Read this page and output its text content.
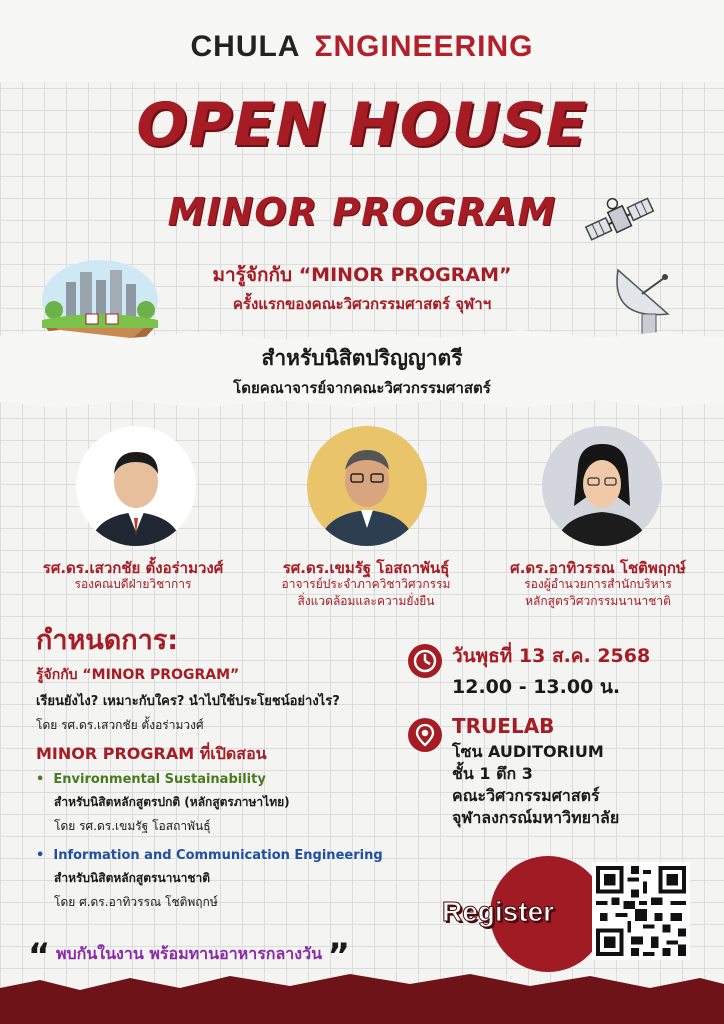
CHULA ΣNGINEERING
OPEN HOUSE
MINOR PROGRAM
มารู้จักกับ “MINOR PROGRAM”
ครั้งแรกของคณะวิศวกรรมศาสตร์ จุฬาฯ
สำหรับนิสิตปริญญาตรี
โดยคณาจารย์จากคณะวิศวกรรมศาสตร์
รศ.ดร.เสวกชัย ตั้งอร่ามวงศ์
รองคณบดีฝ่ายวิชาการ
รศ.ดร.เขมรัฐ โอสถาพันธุ์
อาจารย์ประจำภาควิชาวิศวกรรม
สิ่งแวดล้อมและความยั่งยืน
ศ.ดร.อาทิวรรณ โชติพฤกษ์
รองผู้อำนวยการสำนักบริหาร
หลักสูตรวิศวกรรมนานาชาติ
กำหนดการ:
รู้จักกับ “MINOR PROGRAM”
เรียนยังไง? เหมาะกับใคร? นำไปใช้ประโยชน์อย่างไร?
โดย รศ.ดร.เสวกชัย ตั้งอร่ามวงศ์
MINOR PROGRAM ที่เปิดสอน
•  Environmental Sustainability
สำหรับนิสิตหลักสูตรปกติ (หลักสูตรภาษาไทย)
โดย รศ.ดร.เขมรัฐ โอสถาพันธุ์
•  Information and Communication Engineering
สำหรับนิสิตหลักสูตรนานาชาติ
โดย ศ.ดร.อาทิวรรณ โชติพฤกษ์
วันพุธที่ 13 ส.ค. 2568
12.00 - 13.00 น.
TRUELAB
โซน AUDITORIUM
ชั้น 1 ตึก 3
คณะวิศวกรรมศาสตร์
จุฬาลงกรณ์มหาวิทยาลัย
Register
“ พบกันในงาน พร้อมทานอาหารกลางวัน ”
